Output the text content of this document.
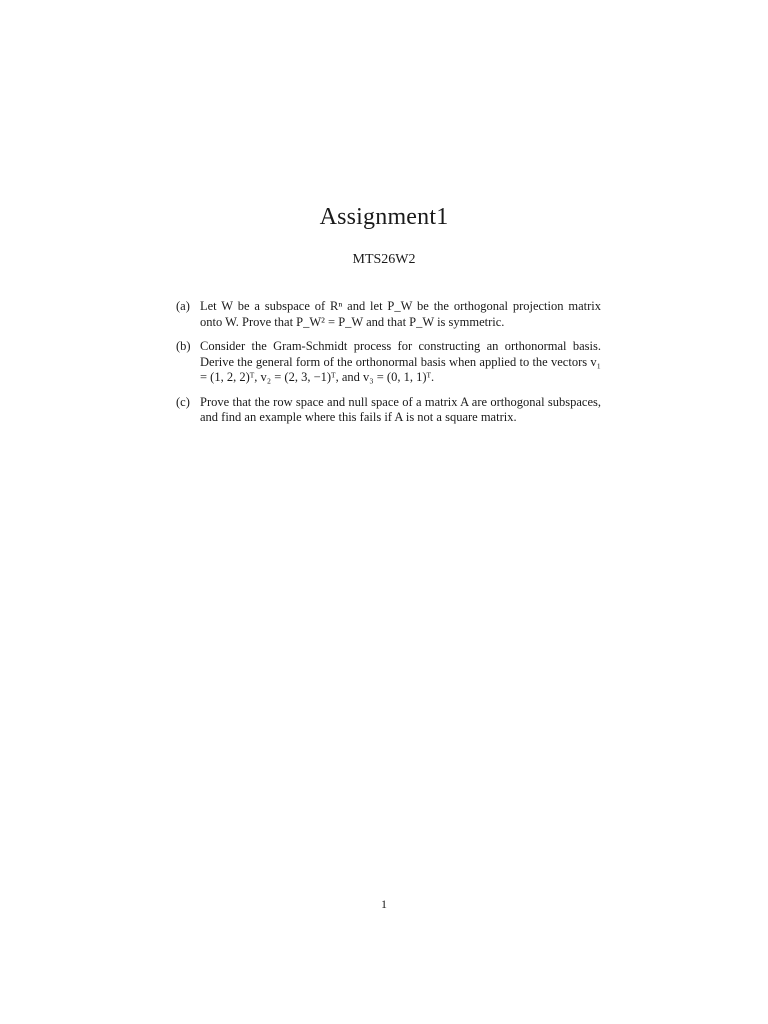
Assignment1
MTS26W2
(a) Let W be a subspace of Rⁿ and let P_W be the orthogonal projection matrix onto W. Prove that P_W² = P_W and that P_W is symmetric.
(b) Consider the Gram-Schmidt process for constructing an orthonormal basis. Derive the general form of the orthonormal basis when applied to the vectors v₁ = (1, 2, 2)ᵀ, v₂ = (2, 3, −1)ᵀ, and v₃ = (0, 1, 1)ᵀ.
(c) Prove that the row space and null space of a matrix A are orthogonal subspaces, and find an example where this fails if A is not a square matrix.
1
